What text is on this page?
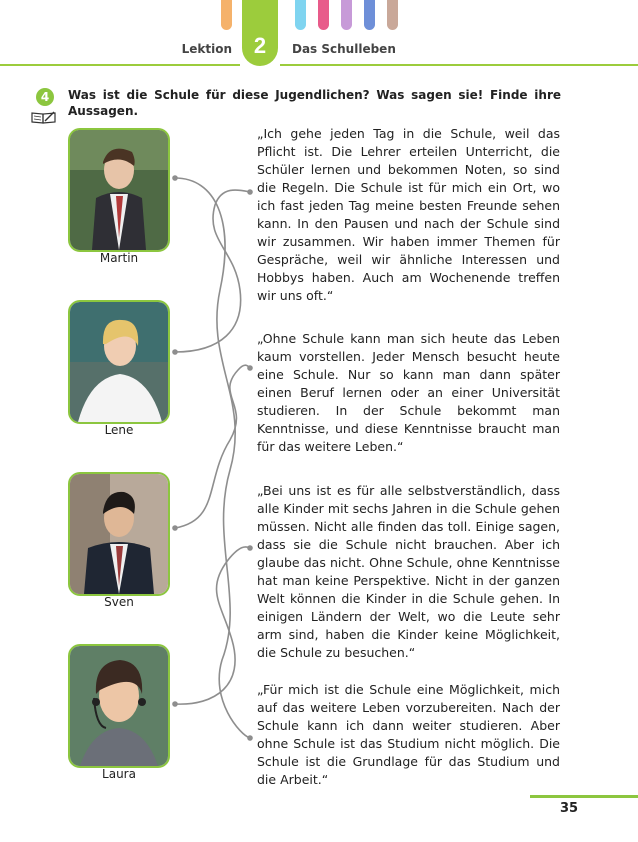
2
Lektion	Das Schulleben
4	Was ist die Schule für diese Jugendlichen? Was sagen sie! Finde ihre Aussagen.
Martin
Lene
Sven
Laura
„Ich gehe jeden Tag in die Schule, weil das Pflicht ist. Die Lehrer erteilen Unterricht, die Schüler lernen und bekommen Noten, so sind die Regeln. Die Schule ist für mich ein Ort, wo ich fast jeden Tag meine besten Freunde sehen kann. In den Pausen und nach der Schule sind wir zusammen. Wir haben immer Themen für Gespräche, weil wir ähnliche Interessen und Hobbys haben. Auch am Wochenende treffen wir uns oft.“
„Ohne Schule kann man sich heute das Leben kaum vorstellen. Jeder Mensch besucht heute eine Schule. Nur so kann man dann später einen Beruf lernen oder an einer Universität studieren. In der Schule bekommt man Kenntnisse, und diese Kenntnisse braucht man für das weitere Leben.“
„Bei uns ist es für alle selbstverständlich, dass alle Kinder mit sechs Jahren in die Schule gehen müssen. Nicht alle finden das toll. Einige sagen, dass sie die Schule nicht brauchen. Aber ich glaube das nicht. Ohne Schule, ohne Kenntnisse hat man keine Perspektive. Nicht in der ganzen Welt können die Kinder in die Schule gehen. In einigen Ländern der Welt, wo die Leute sehr arm sind, haben die Kinder keine Möglichkeit, die Schule zu besuchen.“
„Für mich ist die Schule eine Möglichkeit, mich auf das weitere Leben vorzubereiten. Nach der Schule kann ich dann weiter studieren. Aber ohne Schule ist das Studium nicht möglich. Die Schule ist die Grundlage für das Studium und die Arbeit.“
35
